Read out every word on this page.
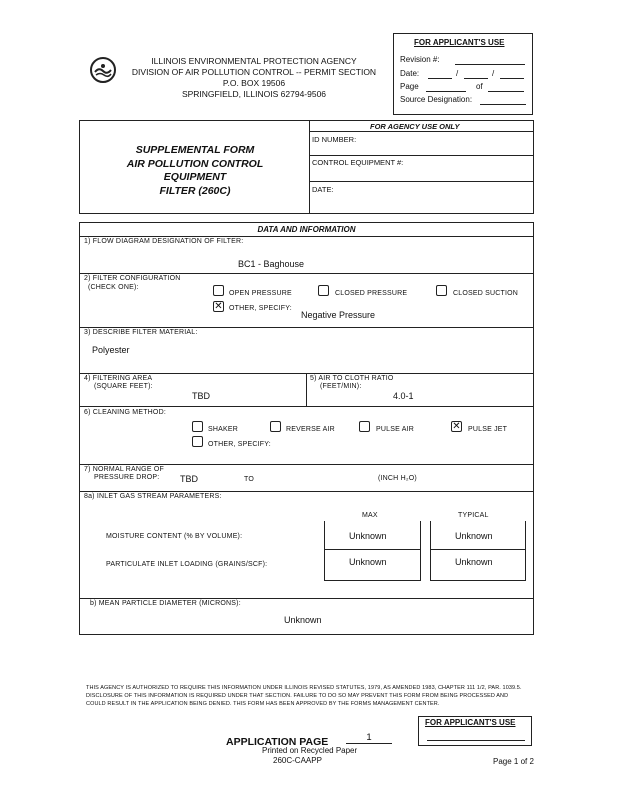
ILLINOIS ENVIRONMENTAL PROTECTION AGENCY
DIVISION OF AIR POLLUTION CONTROL -- PERMIT SECTION
P.O. BOX 19506
SPRINGFIELD, ILLINOIS 62794-9506
FOR APPLICANT'S USE
Revision #:
Date:	/	/
Page	of
Source Designation:
SUPPLEMENTAL FORM
AIR POLLUTION CONTROL
EQUIPMENT
FILTER (260C)
FOR AGENCY USE ONLY
ID NUMBER:
CONTROL EQUIPMENT #:
DATE:
DATA AND INFORMATION
1) FLOW DIAGRAM DESIGNATION OF FILTER:
BC1 - Baghouse
2) FILTER CONFIGURATION
(CHECK ONE):
OPEN PRESSURE	CLOSED PRESSURE	CLOSED SUCTION
✕
OTHER, SPECIFY:
Negative Pressure
3) DESCRIBE FILTER MATERIAL:
Polyester
4) FILTERING AREA
(SQUARE FEET):
TBD
5) AIR TO CLOTH RATIO
(FEET/MIN):
4.0-1
6) CLEANING METHOD:
SHAKER	REVERSE AIR	PULSE AIR ✕	PULSE JET
OTHER, SPECIFY:
7) NORMAL RANGE OF
PRESSURE DROP: TBD	TO	(INCH H₂O)
8a) INLET GAS STREAM PARAMETERS:
MAX	TYPICAL
MOISTURE CONTENT (% BY VOLUME):	Unknown	Unknown
PARTICULATE INLET LOADING (GRAINS/SCF):	Unknown	Unknown
b) MEAN PARTICLE DIAMETER (MICRONS):
Unknown
THIS AGENCY IS AUTHORIZED TO REQUIRE THIS INFORMATION UNDER ILLINOIS REVISED STATUTES, 1979, AS AMENDED 1983, CHAPTER 111 1/2, PAR. 1039.5. DISCLOSURE OF THIS INFORMATION IS REQUIRED UNDER THAT SECTION. FAILURE TO DO SO MAY PREVENT THIS FORM FROM BEING PROCESSED AND COULD RESULT IN THE APPLICATION BEING DENIED. THIS FORM HAS BEEN APPROVED BY THE FORMS MANAGEMENT CENTER.
FOR APPLICANT'S USE
APPLICATION PAGE	1
Printed on Recycled Paper
260C-CAAPP	Page 1 of 2
